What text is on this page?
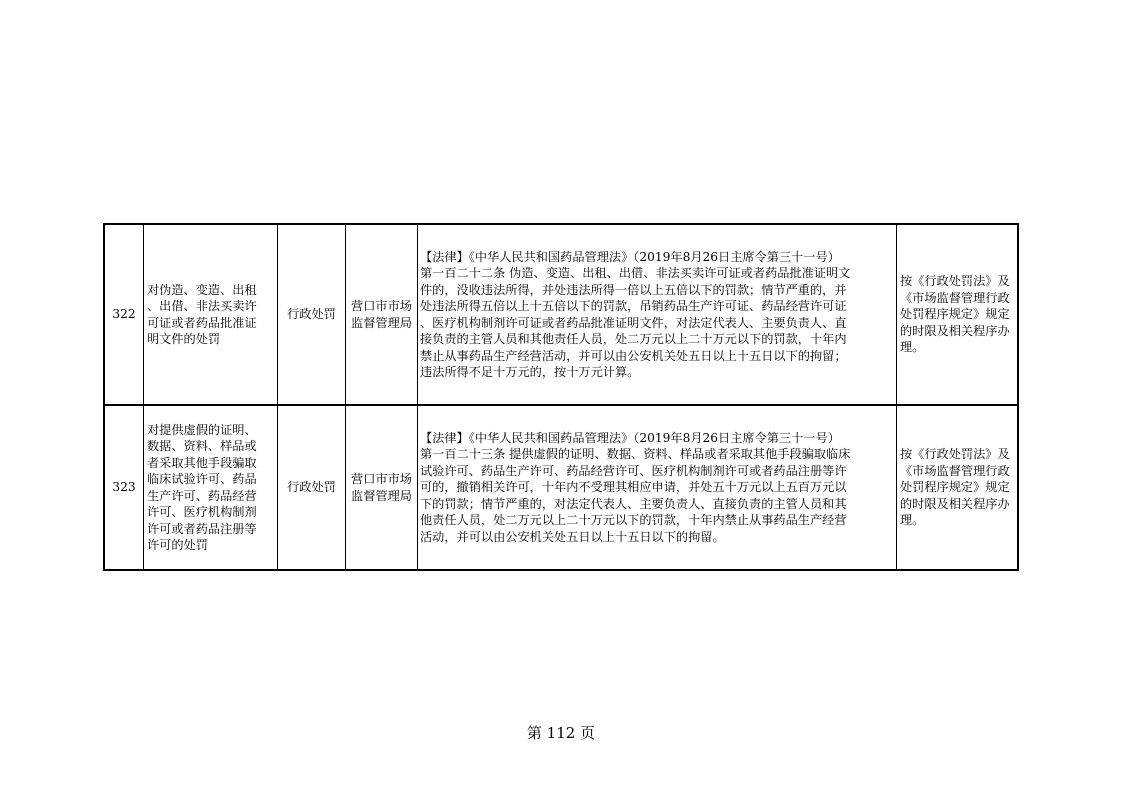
322
对伪造、变造、出租
、出借、非法买卖许
可证或者药品批准证
明文件的处罚
行政处罚
营口市市场
监督管理局
【法律】《中华人民共和国药品管理法》（2019年8月26日主席令第三十一号）
第一百二十二条 伪造、变造、出租、出借、非法买卖许可证或者药品批准证明文
件的，没收违法所得，并处违法所得一倍以上五倍以下的罚款；情节严重的，并
处违法所得五倍以上十五倍以下的罚款，吊销药品生产许可证、药品经营许可证
、医疗机构制剂许可证或者药品批准证明文件，对法定代表人、主要负责人、直
接负责的主管人员和其他责任人员，处二万元以上二十万元以下的罚款，十年内
禁止从事药品生产经营活动，并可以由公安机关处五日以上十五日以下的拘留；
违法所得不足十万元的，按十万元计算。
按《行政处罚法》及
《市场监督管理行政
处罚程序规定》规定
的时限及相关程序办
理。
323
对提供虚假的证明、
数据、资料、样品或
者采取其他手段骗取
临床试验许可、药品
生产许可、药品经营
许可、医疗机构制剂
许可或者药品注册等
许可的处罚
行政处罚
营口市市场
监督管理局
【法律】《中华人民共和国药品管理法》（2019年8月26日主席令第三十一号）
第一百二十三条 提供虚假的证明、数据、资料、样品或者采取其他手段骗取临床
试验许可、药品生产许可、药品经营许可、医疗机构制剂许可或者药品注册等许
可的，撤销相关许可，十年内不受理其相应申请，并处五十万元以上五百万元以
下的罚款；情节严重的，对法定代表人、主要负责人、直接负责的主管人员和其
他责任人员，处二万元以上二十万元以下的罚款，十年内禁止从事药品生产经营
活动，并可以由公安机关处五日以上十五日以下的拘留。
按《行政处罚法》及
《市场监督管理行政
处罚程序规定》规定
的时限及相关程序办
理。
第 112 页
